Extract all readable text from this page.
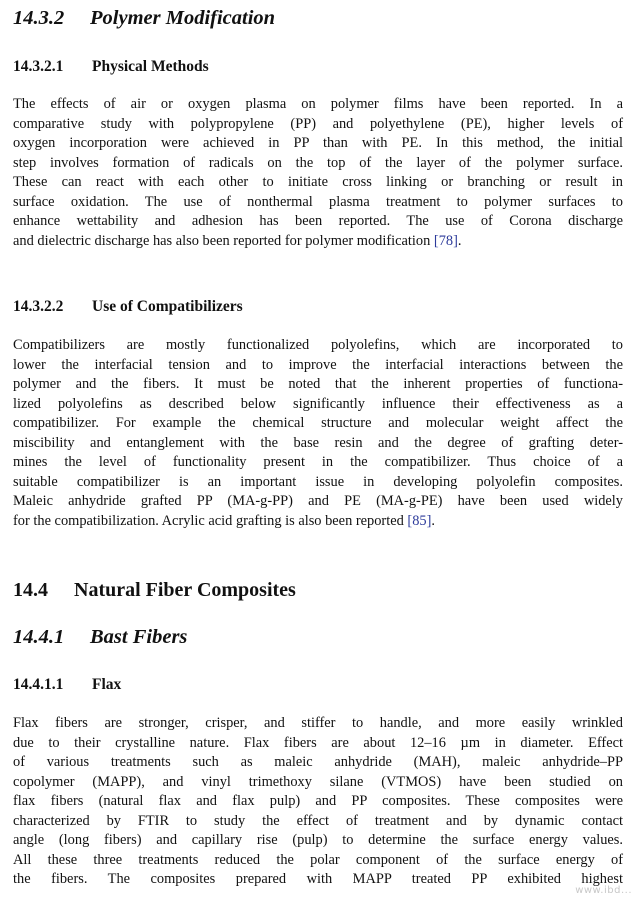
14.3.2 Polymer Modification
14.3.2.1 Physical Methods
The effects of air or oxygen plasma on polymer films have been reported. In a
comparative study with polypropylene (PP) and polyethylene (PE), higher levels of
oxygen incorporation were achieved in PP than with PE. In this method, the initial
step involves formation of radicals on the top of the layer of the polymer surface.
These can react with each other to initiate cross linking or branching or result in
surface oxidation. The use of nonthermal plasma treatment to polymer surfaces to
enhance wettability and adhesion has been reported. The use of Corona discharge
and dielectric discharge has also been reported for polymer modification [78].
14.3.2.2 Use of Compatibilizers
Compatibilizers are mostly functionalized polyolefins, which are incorporated to
lower the interfacial tension and to improve the interfacial interactions between the
polymer and the fibers. It must be noted that the inherent properties of functiona-
lized polyolefins as described below significantly influence their effectiveness as a
compatibilizer. For example the chemical structure and molecular weight affect the
miscibility and entanglement with the base resin and the degree of grafting deter-
mines the level of functionality present in the compatibilizer. Thus choice of a
suitable compatibilizer is an important issue in developing polyolefin composites.
Maleic anhydride grafted PP (MA-g-PP) and PE (MA-g-PE) have been used widely
for the compatibilization. Acrylic acid grafting is also been reported [85].
14.4 Natural Fiber Composites
14.4.1 Bast Fibers
14.4.1.1 Flax
Flax fibers are stronger, crisper, and stiffer to handle, and more easily wrinkled
due to their crystalline nature. Flax fibers are about 12–16 µm in diameter. Effect
of various treatments such as maleic anhydride (MAH), maleic anhydride–PP
copolymer (MAPP), and vinyl trimethoxy silane (VTMOS) have been studied on
flax fibers (natural flax and flax pulp) and PP composites. These composites were
characterized by FTIR to study the effect of treatment and by dynamic contact
angle (long fibers) and capillary rise (pulp) to determine the surface energy values.
All these three treatments reduced the polar component of the surface energy of
the fibers. The composites prepared with MAPP treated PP exhibited highest
www.ibd...
